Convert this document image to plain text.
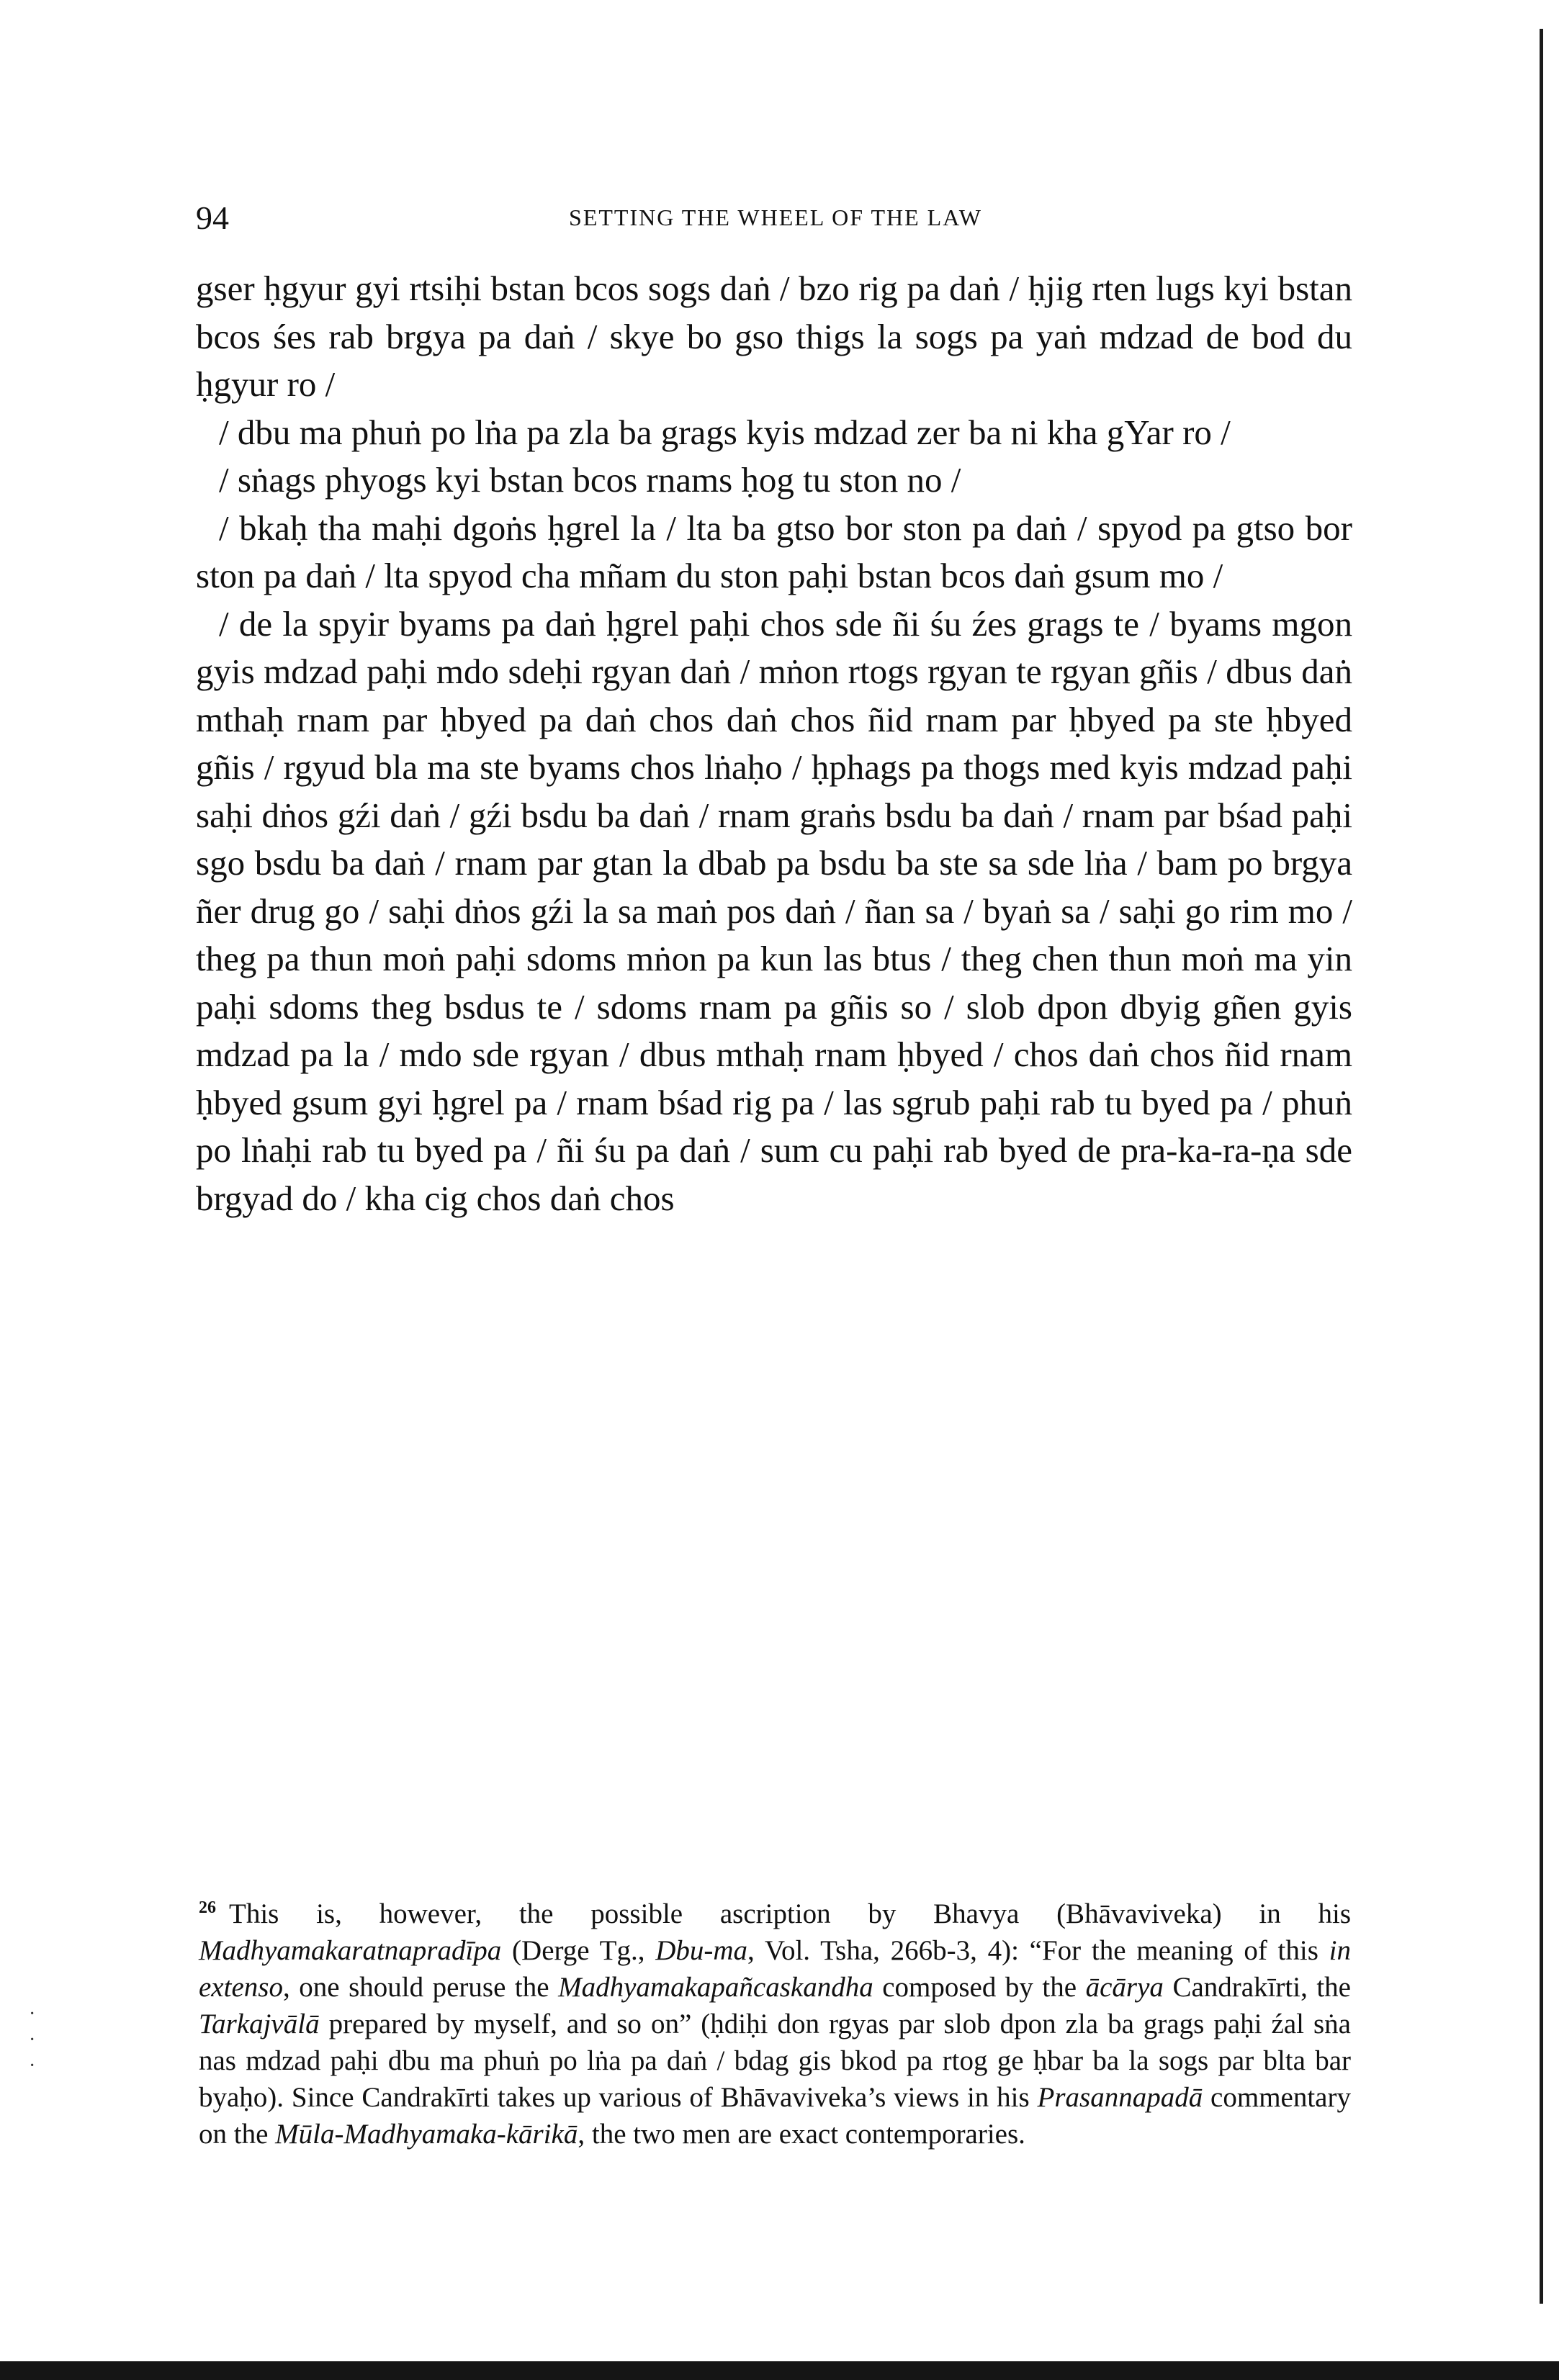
·
·
·
94	SETTING THE WHEEL OF THE LAW

gser ḥgyur gyi rtsiḥi bstan bcos sogs daṅ / bzo rig pa daṅ / ḥjig rten lugs kyi bstan bcos śes rab brgya pa daṅ / skye bo gso thigs la sogs pa yaṅ mdzad de bod du ḥgyur ro /

/ dbu ma phuṅ po lṅa pa zla ba grags kyis mdzad zer ba ni kha gYar ro /

/ sṅags phyogs kyi bstan bcos rnams ḥog tu ston no /

/ bkaḥ tha maḥi dgoṅs ḥgrel la / lta ba gtso bor ston pa daṅ / spyod pa gtso bor ston pa daṅ / lta spyod cha mñam du ston paḥi bstan bcos daṅ gsum mo /

/ de la spyir byams pa daṅ ḥgrel paḥi chos sde ñi śu źes grags te / byams mgon gyis mdzad paḥi mdo sdeḥi rgyan daṅ / mṅon rtogs rgyan te rgyan gñis / dbus daṅ mthaḥ rnam par ḥbyed pa daṅ chos daṅ chos ñid rnam par ḥbyed pa ste ḥbyed gñis / rgyud bla ma ste byams chos lṅaḥo / ḥphags pa thogs med kyis mdzad paḥi saḥi dṅos gźi daṅ / gźi bsdu ba daṅ / rnam graṅs bsdu ba daṅ / rnam par bśad paḥi sgo bsdu ba daṅ / rnam par gtan la dbab pa bsdu ba ste sa sde lṅa / bam po brgya ñer drug go / saḥi dṅos gźi la sa maṅ pos daṅ / ñan sa / byaṅ sa / saḥi go rim mo / theg pa thun moṅ paḥi sdoms mṅon pa kun las btus / theg chen thun moṅ ma yin paḥi sdoms theg bsdus te / sdoms rnam pa gñis so / slob dpon dbyig gñen gyis mdzad pa la / mdo sde rgyan / dbus mthaḥ rnam ḥbyed / chos daṅ chos ñid rnam ḥbyed gsum gyi ḥgrel pa / rnam bśad rig pa / las sgrub paḥi rab tu byed pa / phuṅ po lṅaḥi rab tu byed pa / ñi śu pa daṅ / sum cu paḥi rab byed de pra-ka-ra-ṇa sde brgyad do / kha cig chos daṅ chos

$^{26}$ This is, however, the possible ascription by Bhavya (Bhāvaviveka) in his Madhyamakaratnapradīpa (Derge Tg., Dbu-ma, Vol. Tsha, 266b-3, 4): “For the meaning of this in extenso, one should peruse the Madhyamakapañcaskandha composed by the ācārya Candrakīrti, the Tarkajvālā prepared by myself, and so on” (ḥdiḥi don rgyas par slob dpon zla ba grags paḥi źal sṅa nas mdzad paḥi dbu ma phuṅ po lṅa pa daṅ / bdag gis bkod pa rtog ge ḥbar ba la sogs par blta bar byaḥo). Since Candrakīrti takes up various of Bhāvaviveka’s views in his Prasannapadā commentary on the Mūla-Madhyamaka-kārikā, the two men are exact contemporaries.
